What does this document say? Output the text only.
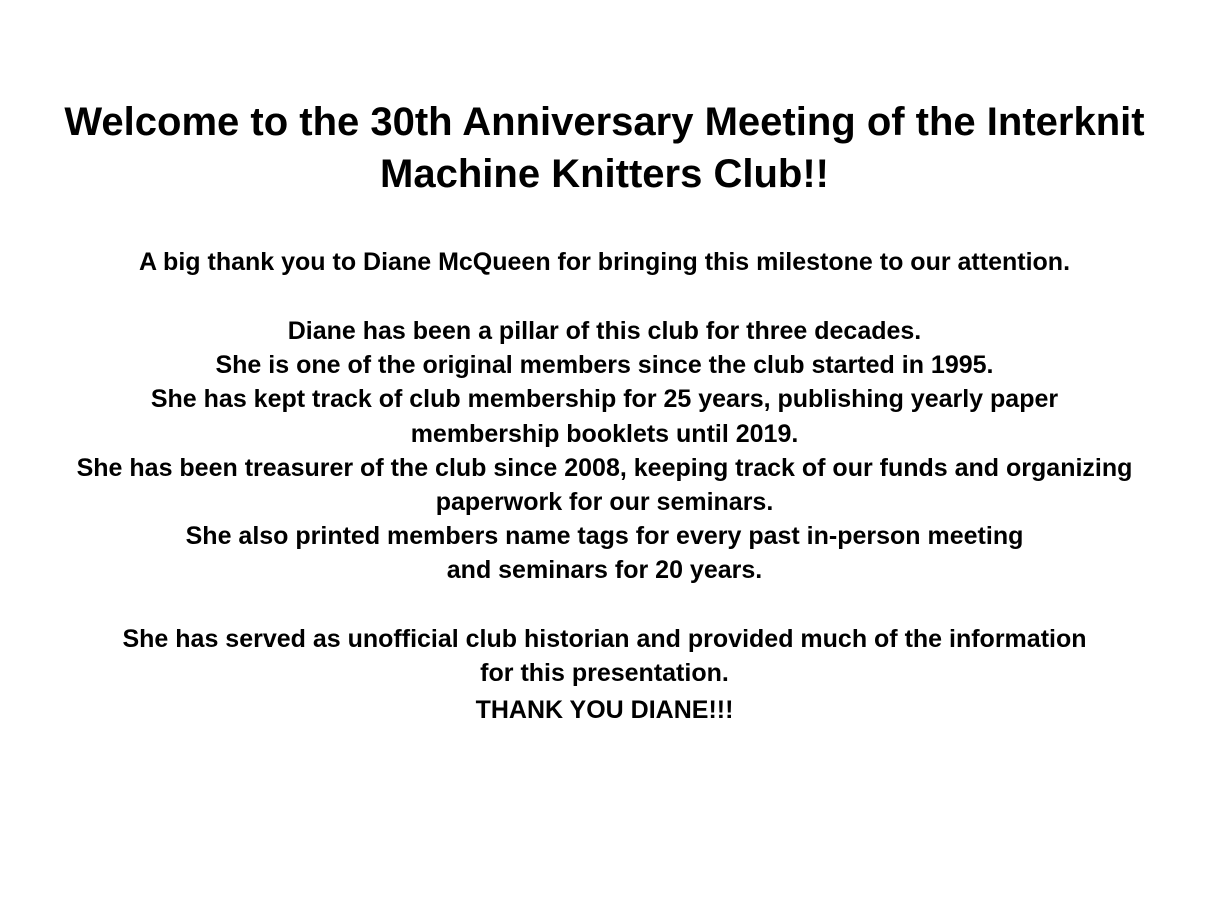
Welcome to the 30th Anniversary Meeting of the Interknit
Machine Knitters Club!!

A big thank you to Diane McQueen for bringing this milestone to our attention.

Diane has been a pillar of this club for three decades.
She is one of the original members since the club started in 1995.
She has kept track of club membership for 25 years, publishing yearly paper
membership booklets until 2019.
She has been treasurer of the club since 2008, keeping track of our funds and organizing
paperwork for our seminars.
She also printed members name tags for every past in-person meeting
and seminars for 20 years.

She has served as unofficial club historian and provided much of the information
for this presentation.
THANK YOU DIANE!!!
